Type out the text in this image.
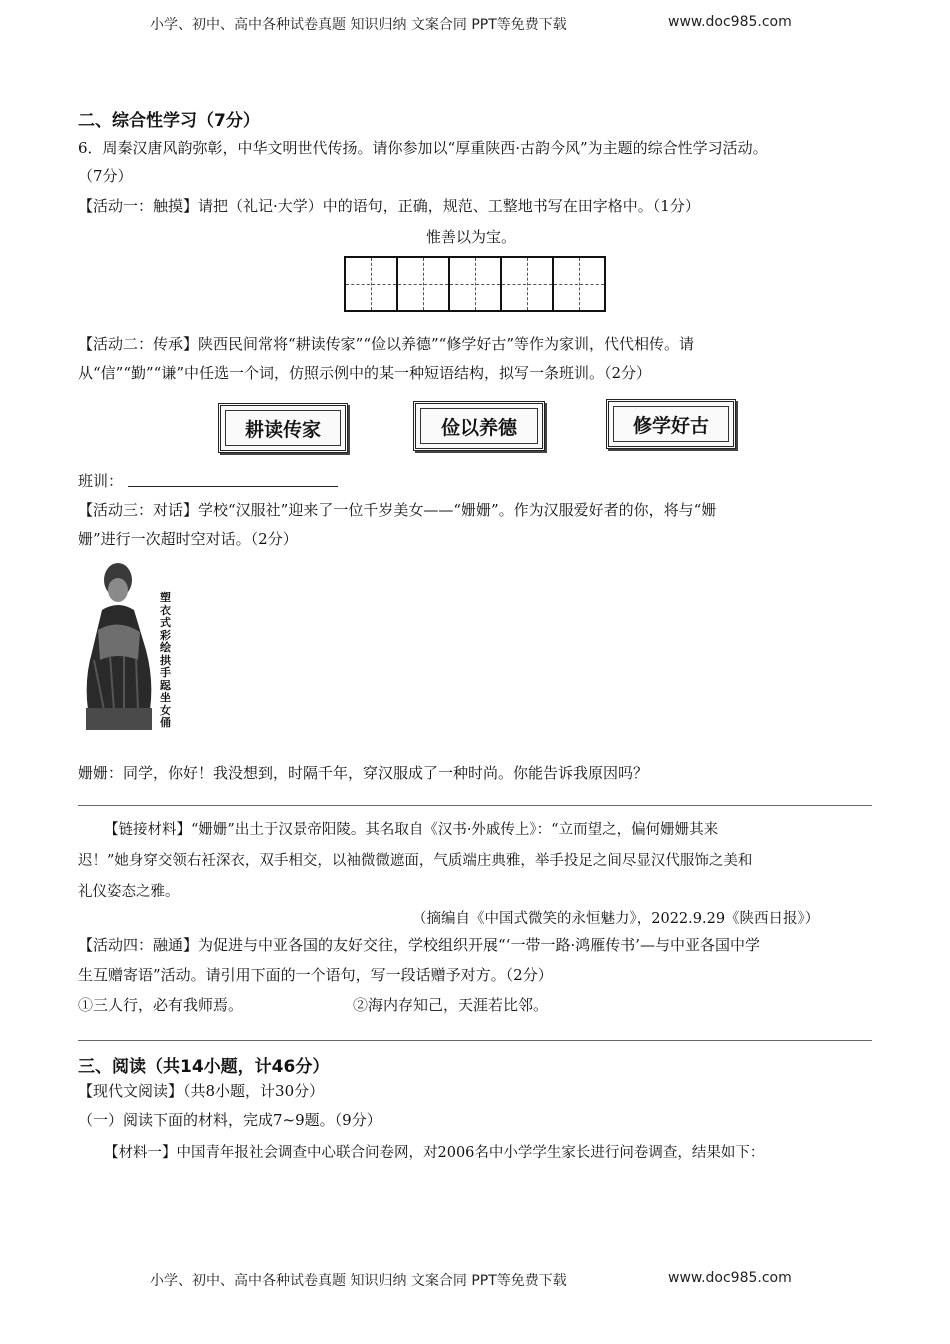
小学、初中、高中各种试卷真题 知识归纳 文案合同 PPT等免费下载	www.doc985.com
二、综合性学习（7分）
6．周秦汉唐风韵弥彰，中华文明世代传扬。请你参加以“厚重陕西·古韵今风”为主题的综合性学习活动。
（7分）
【活动一：触摸】请把（礼记·大学）中的语句，正确，规范、工整地书写在田字格中。（1分）
惟善以为宝。
【活动二：传承】陕西民间常将“耕读传家”“俭以养德”“修学好古”等作为家训，代代相传。请
从“信”“勤”“谦”中任选一个词，仿照示例中的某一种短语结构，拟写一条班训。（2分）
耕读传家	俭以养德	修学好古
班训：
【活动三：对话】学校“汉服社”迎来了一位千岁美女——“姗姗”。作为汉服爱好者的你，将与“姗
姗”进行一次超时空对话。（2分）
塑衣式彩绘拱手跽坐女俑
姗姗：同学，你好！我没想到，时隔千年，穿汉服成了一种时尚。你能告诉我原因吗？
【链接材料】“姗姗”出土于汉景帝阳陵。其名取自《汉书·外戚传上》：“立而望之，偏何姗姗其来
迟！”她身穿交领右衽深衣，双手相交，以袖微微遮面，气质端庄典雅，举手投足之间尽显汉代服饰之美和
礼仪姿态之雅。
（摘编自《中国式微笑的永恒魅力》，2022.9.29《陕西日报》）
【活动四：融通】为促进与中亚各国的友好交往，学校组织开展“‘一带一路·鸿雁传书’—与中亚各国中学
生互赠寄语”活动。请引用下面的一个语句，写一段话赠予对方。（2分）
①三人行，必有我师焉。	②海内存知己，天涯若比邻。
三、阅读（共14小题，计46分）
【现代文阅读】（共8小题，计30分）
（一）阅读下面的材料，完成7~9题。（9分）
【材料一】中国青年报社会调查中心联合问卷网，对2006名中小学学生家长进行问卷调查，结果如下：
小学、初中、高中各种试卷真题 知识归纳 文案合同 PPT等免费下载	www.doc985.com
